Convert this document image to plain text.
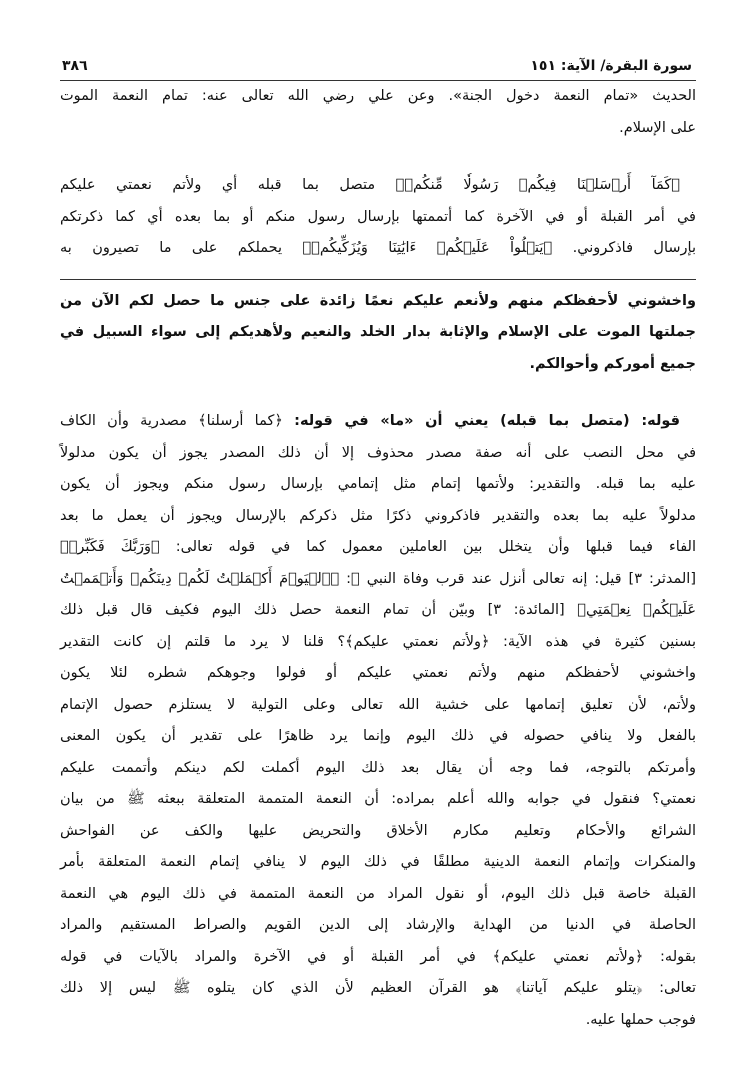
٣٨٦	سورة البقرة/ الآية: ١٥١
الحديث «تمام النعمة دخول الجنة». وعن علي رضي الله تعالى عنه: تمام النعمة الموت
على الإسلام.
﴿كَمَآ أَرۡسَلۡنَا فِيكُمۡ رَسُولٗا مِّنكُمۡ﴾ متصل بما قبله أي ولأتم نعمتي عليكم
في أمر القبلة أو في الآخرة كما أتممتها بإرسال رسول منكم أو بما بعده أي كما ذكرتكم
بإرسال فاذكروني. ﴿يَتۡلُواْ عَلَيۡكُمۡ ءَايَٰتِنَا وَيُزَكِّيكُمۡ﴾ يحملكم على ما تصيرون به
واخشوني لأحفظكم منهم ولأنعم عليكم نعمًا زائدة على جنس ما حصل لكم الآن من
جملتها الموت على الإسلام والإثابة بدار الخلد والنعيم ولأهديكم إلى سواء السبيل في
جميع أموركم وأحوالكم.
قوله: (متصل بما قبله) يعني أن «ما» في قوله: ﴿كما أرسلنا﴾ مصدرية وأن الكاف
في محل النصب على أنه صفة مصدر محذوف إلا أن ذلك المصدر يجوز أن يكون مدلولاً
عليه بما قبله. والتقدير: ولأتمها إتمام مثل إتمامي بإرسال رسول منكم ويجوز أن يكون
مدلولاً عليه بما بعده والتقدير فاذكروني ذكرًا مثل ذكركم بالإرسال ويجوز أن يعمل ما بعد
الفاء فيما قبلها وأن يتخلل بين العاملين معمول كما في قوله تعالى: ﴿وَرَبَّكَ فَكَبِّرۡ﴾
[المدثر: ٣] قيل: إنه تعالى أنزل عند قرب وفاة النبي ﷺ: ﴿ٱلۡيَوۡمَ أَكۡمَلۡتُ لَكُمۡ دِينَكُمۡ وَأَتۡمَمۡتُ
عَلَيۡكُمۡ نِعۡمَتِي﴾ [المائدة: ٣] وبيّن أن تمام النعمة حصل ذلك اليوم فكيف قال قبل ذلك
بسنين كثيرة في هذه الآية: ﴿ولأتم نعمتي عليكم﴾؟ قلنا لا يرد ما قلتم إن كانت التقدير
واخشوني لأحفظكم منهم ولأتم نعمتي عليكم أو فولوا وجوهكم شطره لئلا يكون
ولأتم، لأن تعليق إتمامها على خشية الله تعالى وعلى التولية لا يستلزم حصول الإتمام
بالفعل ولا ينافي حصوله في ذلك اليوم وإنما يرد ظاهرًا على تقدير أن يكون المعنى
وأمرتكم بالتوجه، فما وجه أن يقال بعد ذلك اليوم أكملت لكم دينكم وأتممت عليكم
نعمتي؟ فنقول في جوابه والله أعلم بمراده: أن النعمة المتممة المتعلقة ببعثه ﷺ من بيان
الشرائع والأحكام وتعليم مكارم الأخلاق والتحريض عليها والكف عن الفواحش
والمنكرات وإتمام النعمة الدينية مطلقًا في ذلك اليوم لا ينافي إتمام النعمة المتعلقة بأمر
القبلة خاصة قبل ذلك اليوم، أو نقول المراد من النعمة المتممة في ذلك اليوم هي النعمة
الحاصلة في الدنيا من الهداية والإرشاد إلى الدين القويم والصراط المستقيم والمراد
بقوله: ﴿ولأتم نعمتي عليكم﴾ في أمر القبلة أو في الآخرة والمراد بالآيات في قوله
تعالى: ﴿يتلو عليكم آياتنا﴾ هو القرآن العظيم لأن الذي كان يتلوه ﷺ ليس إلا ذلك
فوجب حملها عليه.
